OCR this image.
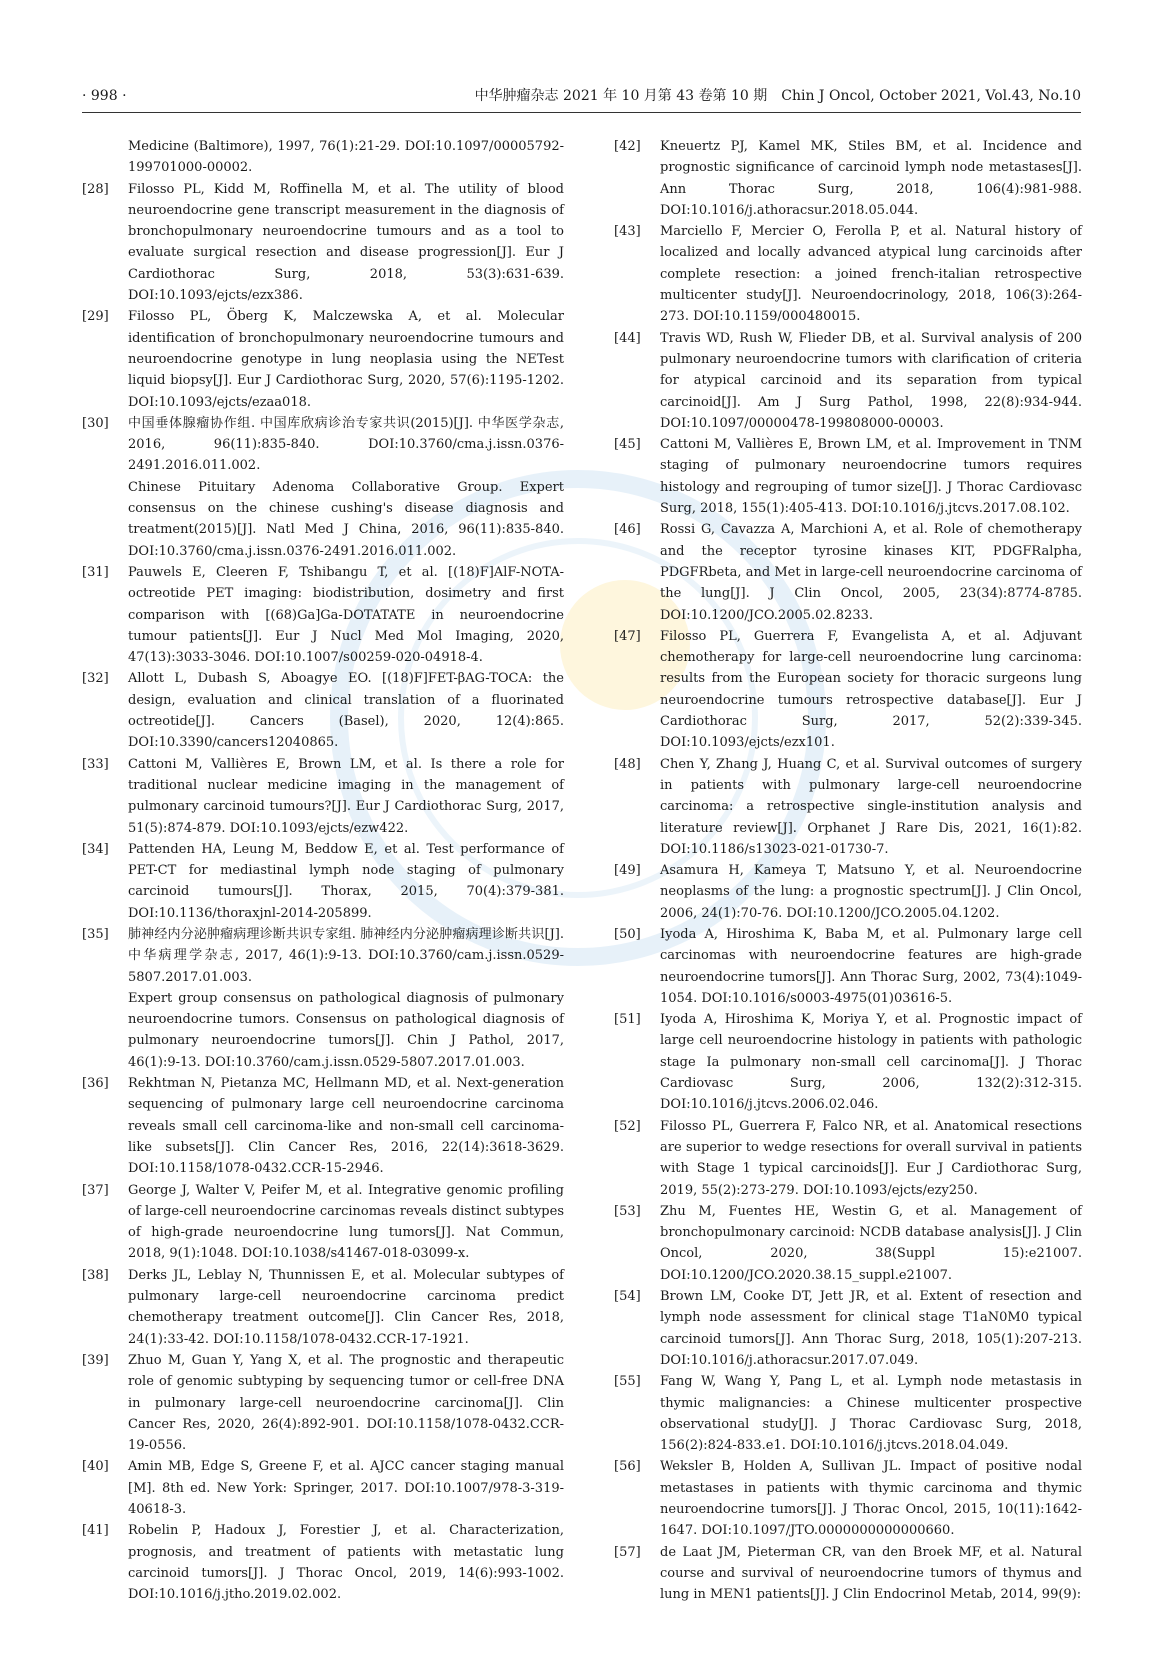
· 998 ·	中华肿瘤杂志 2021 年 10 月第 43 卷第 10 期　Chin J Oncol, October 2021, Vol.43, No.10

Medicine (Baltimore), 1997, 76(1):21-29. DOI:10.1097/00005792-199701000-00002.

[28]	Filosso PL, Kidd M, Roffinella M, et al. The utility of blood neuroendocrine gene transcript measurement in the diagnosis of bronchopulmonary neuroendocrine tumours and as a tool to evaluate surgical resection and disease progression[J]. Eur J Cardiothorac Surg, 2018, 53(3):631-639. DOI:10.1093/ejcts/ezx386.
[29]	Filosso PL, Öberg K, Malczewska A, et al. Molecular identification of bronchopulmonary neuroendocrine tumours and neuroendocrine genotype in lung neoplasia using the NETest liquid biopsy[J]. Eur J Cardiothorac Surg, 2020, 57(6):1195-1202. DOI:10.1093/ejcts/ezaa018.
[30]	中国垂体腺瘤协作组. 中国库欣病诊治专家共识(2015)[J]. 中华医学杂志, 2016, 96(11):835-840. DOI:10.3760/cma.j.issn.0376-2491.2016.011.002.
Chinese Pituitary Adenoma Collaborative Group. Expert consensus on the chinese cushing's disease diagnosis and treatment(2015)[J]. Natl Med J China, 2016, 96(11):835-840. DOI:10.3760/cma.j.issn.0376-2491.2016.011.002.
[31]	Pauwels E, Cleeren F, Tshibangu T, et al. [(18)F]AlF-NOTA-octreotide PET imaging: biodistribution, dosimetry and first comparison with [(68)Ga]Ga-DOTATATE in neuroendocrine tumour patients[J]. Eur J Nucl Med Mol Imaging, 2020, 47(13):3033-3046. DOI:10.1007/s00259-020-04918-4.
[32]	Allott L, Dubash S, Aboagye EO. [(18)F]FET-βAG-TOCA: the design, evaluation and clinical translation of a fluorinated octreotide[J]. Cancers (Basel), 2020, 12(4):865. DOI:10.3390/cancers12040865.
[33]	Cattoni M, Vallières E, Brown LM, et al. Is there a role for traditional nuclear medicine imaging in the management of pulmonary carcinoid tumours?[J]. Eur J Cardiothorac Surg, 2017, 51(5):874-879. DOI:10.1093/ejcts/ezw422.
[34]	Pattenden HA, Leung M, Beddow E, et al. Test performance of PET-CT for mediastinal lymph node staging of pulmonary carcinoid tumours[J]. Thorax, 2015, 70(4):379-381. DOI:10.1136/thoraxjnl-2014-205899.
[35]	肺神经内分泌肿瘤病理诊断共识专家组. 肺神经内分泌肿瘤病理诊断共识[J]. 中华病理学杂志, 2017, 46(1):9-13. DOI:10.3760/cam.j.issn.0529-5807.2017.01.003.
Expert group consensus on pathological diagnosis of pulmonary neuroendocrine tumors. Consensus on pathological diagnosis of pulmonary neuroendocrine tumors[J]. Chin J Pathol, 2017, 46(1):9-13. DOI:10.3760/cam.j.issn.0529-5807.2017.01.003.
[36]	Rekhtman N, Pietanza MC, Hellmann MD, et al. Next-generation sequencing of pulmonary large cell neuroendocrine carcinoma reveals small cell carcinoma-like and non-small cell carcinoma-like subsets[J]. Clin Cancer Res, 2016, 22(14):3618-3629. DOI:10.1158/1078-0432.CCR-15-2946.
[37]	George J, Walter V, Peifer M, et al. Integrative genomic profiling of large-cell neuroendocrine carcinomas reveals distinct subtypes of high-grade neuroendocrine lung tumors[J]. Nat Commun, 2018, 9(1):1048. DOI:10.1038/s41467-018-03099-x.
[38]	Derks JL, Leblay N, Thunnissen E, et al. Molecular subtypes of pulmonary large-cell neuroendocrine carcinoma predict chemotherapy treatment outcome[J]. Clin Cancer Res, 2018, 24(1):33-42. DOI:10.1158/1078-0432.CCR-17-1921.
[39]	Zhuo M, Guan Y, Yang X, et al. The prognostic and therapeutic role of genomic subtyping by sequencing tumor or cell-free DNA in pulmonary large-cell neuroendocrine carcinoma[J]. Clin Cancer Res, 2020, 26(4):892-901. DOI:10.1158/1078-0432.CCR-19-0556.
[40]	Amin MB, Edge S, Greene F, et al. AJCC cancer staging manual [M]. 8th ed. New York: Springer, 2017. DOI:10.1007/978-3-319-40618-3.
[41]	Robelin P, Hadoux J, Forestier J, et al. Characterization, prognosis, and treatment of patients with metastatic lung carcinoid tumors[J]. J Thorac Oncol, 2019, 14(6):993-1002. DOI:10.1016/j.jtho.2019.02.002.
[42]	Kneuertz PJ, Kamel MK, Stiles BM, et al. Incidence and prognostic significance of carcinoid lymph node metastases[J]. Ann Thorac Surg, 2018, 106(4):981-988. DOI:10.1016/j.athoracsur.2018.05.044.
[43]	Marciello F, Mercier O, Ferolla P, et al. Natural history of localized and locally advanced atypical lung carcinoids after complete resection: a joined french-italian retrospective multicenter study[J]. Neuroendocrinology, 2018, 106(3):264-273. DOI:10.1159/000480015.
[44]	Travis WD, Rush W, Flieder DB, et al. Survival analysis of 200 pulmonary neuroendocrine tumors with clarification of criteria for atypical carcinoid and its separation from typical carcinoid[J]. Am J Surg Pathol, 1998, 22(8):934-944. DOI:10.1097/00000478-199808000-00003.
[45]	Cattoni M, Vallières E, Brown LM, et al. Improvement in TNM staging of pulmonary neuroendocrine tumors requires histology and regrouping of tumor size[J]. J Thorac Cardiovasc Surg, 2018, 155(1):405-413. DOI:10.1016/j.jtcvs.2017.08.102.
[46]	Rossi G, Cavazza A, Marchioni A, et al. Role of chemotherapy and the receptor tyrosine kinases KIT, PDGFRalpha, PDGFRbeta, and Met in large-cell neuroendocrine carcinoma of the lung[J]. J Clin Oncol, 2005, 23(34):8774-8785. DOI:10.1200/JCO.2005.02.8233.
[47]	Filosso PL, Guerrera F, Evangelista A, et al. Adjuvant chemotherapy for large-cell neuroendocrine lung carcinoma: results from the European society for thoracic surgeons lung neuroendocrine tumours retrospective database[J]. Eur J Cardiothorac Surg, 2017, 52(2):339-345. DOI:10.1093/ejcts/ezx101.
[48]	Chen Y, Zhang J, Huang C, et al. Survival outcomes of surgery in patients with pulmonary large-cell neuroendocrine carcinoma: a retrospective single-institution analysis and literature review[J]. Orphanet J Rare Dis, 2021, 16(1):82. DOI:10.1186/s13023-021-01730-7.
[49]	Asamura H, Kameya T, Matsuno Y, et al. Neuroendocrine neoplasms of the lung: a prognostic spectrum[J]. J Clin Oncol, 2006, 24(1):70-76. DOI:10.1200/JCO.2005.04.1202.
[50]	Iyoda A, Hiroshima K, Baba M, et al. Pulmonary large cell carcinomas with neuroendocrine features are high-grade neuroendocrine tumors[J]. Ann Thorac Surg, 2002, 73(4):1049-1054. DOI:10.1016/s0003-4975(01)03616-5.
[51]	Iyoda A, Hiroshima K, Moriya Y, et al. Prognostic impact of large cell neuroendocrine histology in patients with pathologic stage Ia pulmonary non-small cell carcinoma[J]. J Thorac Cardiovasc Surg, 2006, 132(2):312-315. DOI:10.1016/j.jtcvs.2006.02.046.
[52]	Filosso PL, Guerrera F, Falco NR, et al. Anatomical resections are superior to wedge resections for overall survival in patients with Stage 1 typical carcinoids[J]. Eur J Cardiothorac Surg, 2019, 55(2):273-279. DOI:10.1093/ejcts/ezy250.
[53]	Zhu M, Fuentes HE, Westin G, et al. Management of bronchopulmonary carcinoid: NCDB database analysis[J]. J Clin Oncol, 2020, 38(Suppl 15):e21007. DOI:10.1200/JCO.2020.38.15_suppl.e21007.
[54]	Brown LM, Cooke DT, Jett JR, et al. Extent of resection and lymph node assessment for clinical stage T1aN0M0 typical carcinoid tumors[J]. Ann Thorac Surg, 2018, 105(1):207-213. DOI:10.1016/j.athoracsur.2017.07.049.
[55]	Fang W, Wang Y, Pang L, et al. Lymph node metastasis in thymic malignancies: a Chinese multicenter prospective observational study[J]. J Thorac Cardiovasc Surg, 2018, 156(2):824-833.e1. DOI:10.1016/j.jtcvs.2018.04.049.
[56]	Weksler B, Holden A, Sullivan JL. Impact of positive nodal metastases in patients with thymic carcinoma and thymic neuroendocrine tumors[J]. J Thorac Oncol, 2015, 10(11):1642-1647. DOI:10.1097/JTO.0000000000000660.
[57]	de Laat JM, Pieterman CR, van den Broek MF, et al. Natural course and survival of neuroendocrine tumors of thymus and lung in MEN1 patients[J]. J Clin Endocrinol Metab, 2014, 99(9):
